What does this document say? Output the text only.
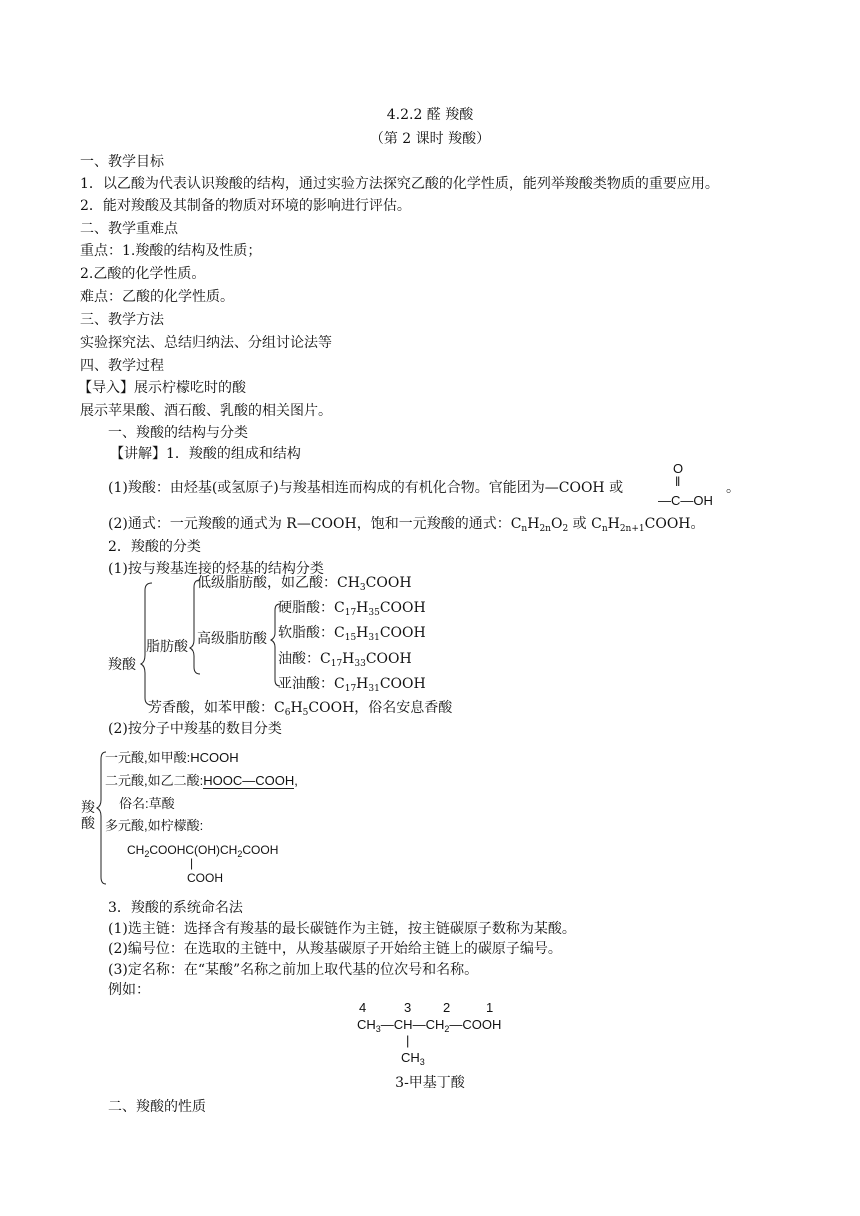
4.2.2 醛 羧酸
（第 2 课时 羧酸）
一、教学目标
1．以乙酸为代表认识羧酸的结构，通过实验方法探究乙酸的化学性质，能列举羧酸类物质的重要应用。
2．能对羧酸及其制备的物质对环境的影响进行评估。
二、教学重难点
重点：1.羧酸的结构及性质；
2.乙酸的化学性质。
难点：乙酸的化学性质。
三、教学方法
实验探究法、总结归纳法、分组讨论法等
四、教学过程
【导入】展示柠檬吃时的酸
展示苹果酸、酒石酸、乳酸的相关图片。
一、羧酸的结构与分类
【讲解】1．羧酸的组成和结构
(1)羧酸：由烃基(或氢原子)与羧基相连而构成的有机化合物。官能团为—COOH 或
O
‖
—C—OH
。
(2)通式：一元羧酸的通式为 R—COOH，饱和一元羧酸的通式：$C_nH_{2n}O_2$ 或 $C_nH_{2n+1}COOH$。
2．羧酸的分类
(1)按与羧基连接的烃基的结构分类
羧酸
脂肪酸
低级脂肪酸，如乙酸：$CH_3COOH$
高级脂肪酸
硬脂酸：$C_{17}H_{35}COOH$
软脂酸：$C_{15}H_{31}COOH$
油酸：$C_{17}H_{33}COOH$
亚油酸：$C_{17}H_{31}COOH$
芳香酸，如苯甲酸：$C_6H_5COOH$，俗名安息香酸
(2)按分子中羧基的数目分类
羧
酸
一元酸,如甲酸:HCOOH
二元酸,如乙二酸:HOOC—COOH,
俗名:草酸
多元酸,如柠檬酸:
$CH_2COOHC(OH)CH_2COOH$
|
COOH
3．羧酸的系统命名法
(1)选主链：选择含有羧基的最长碳链作为主链，按主链碳原子数称为某酸。
(2)编号位：在选取的主链中，从羧基碳原子开始给主链上的碳原子编号。
(3)定名称：在“某酸”名称之前加上取代基的位次号和名称。
例如：
4	3 2	1
$CH_3—CH—CH_2—COOH$
|
$CH_3$
3-甲基丁酸
二、羧酸的性质
